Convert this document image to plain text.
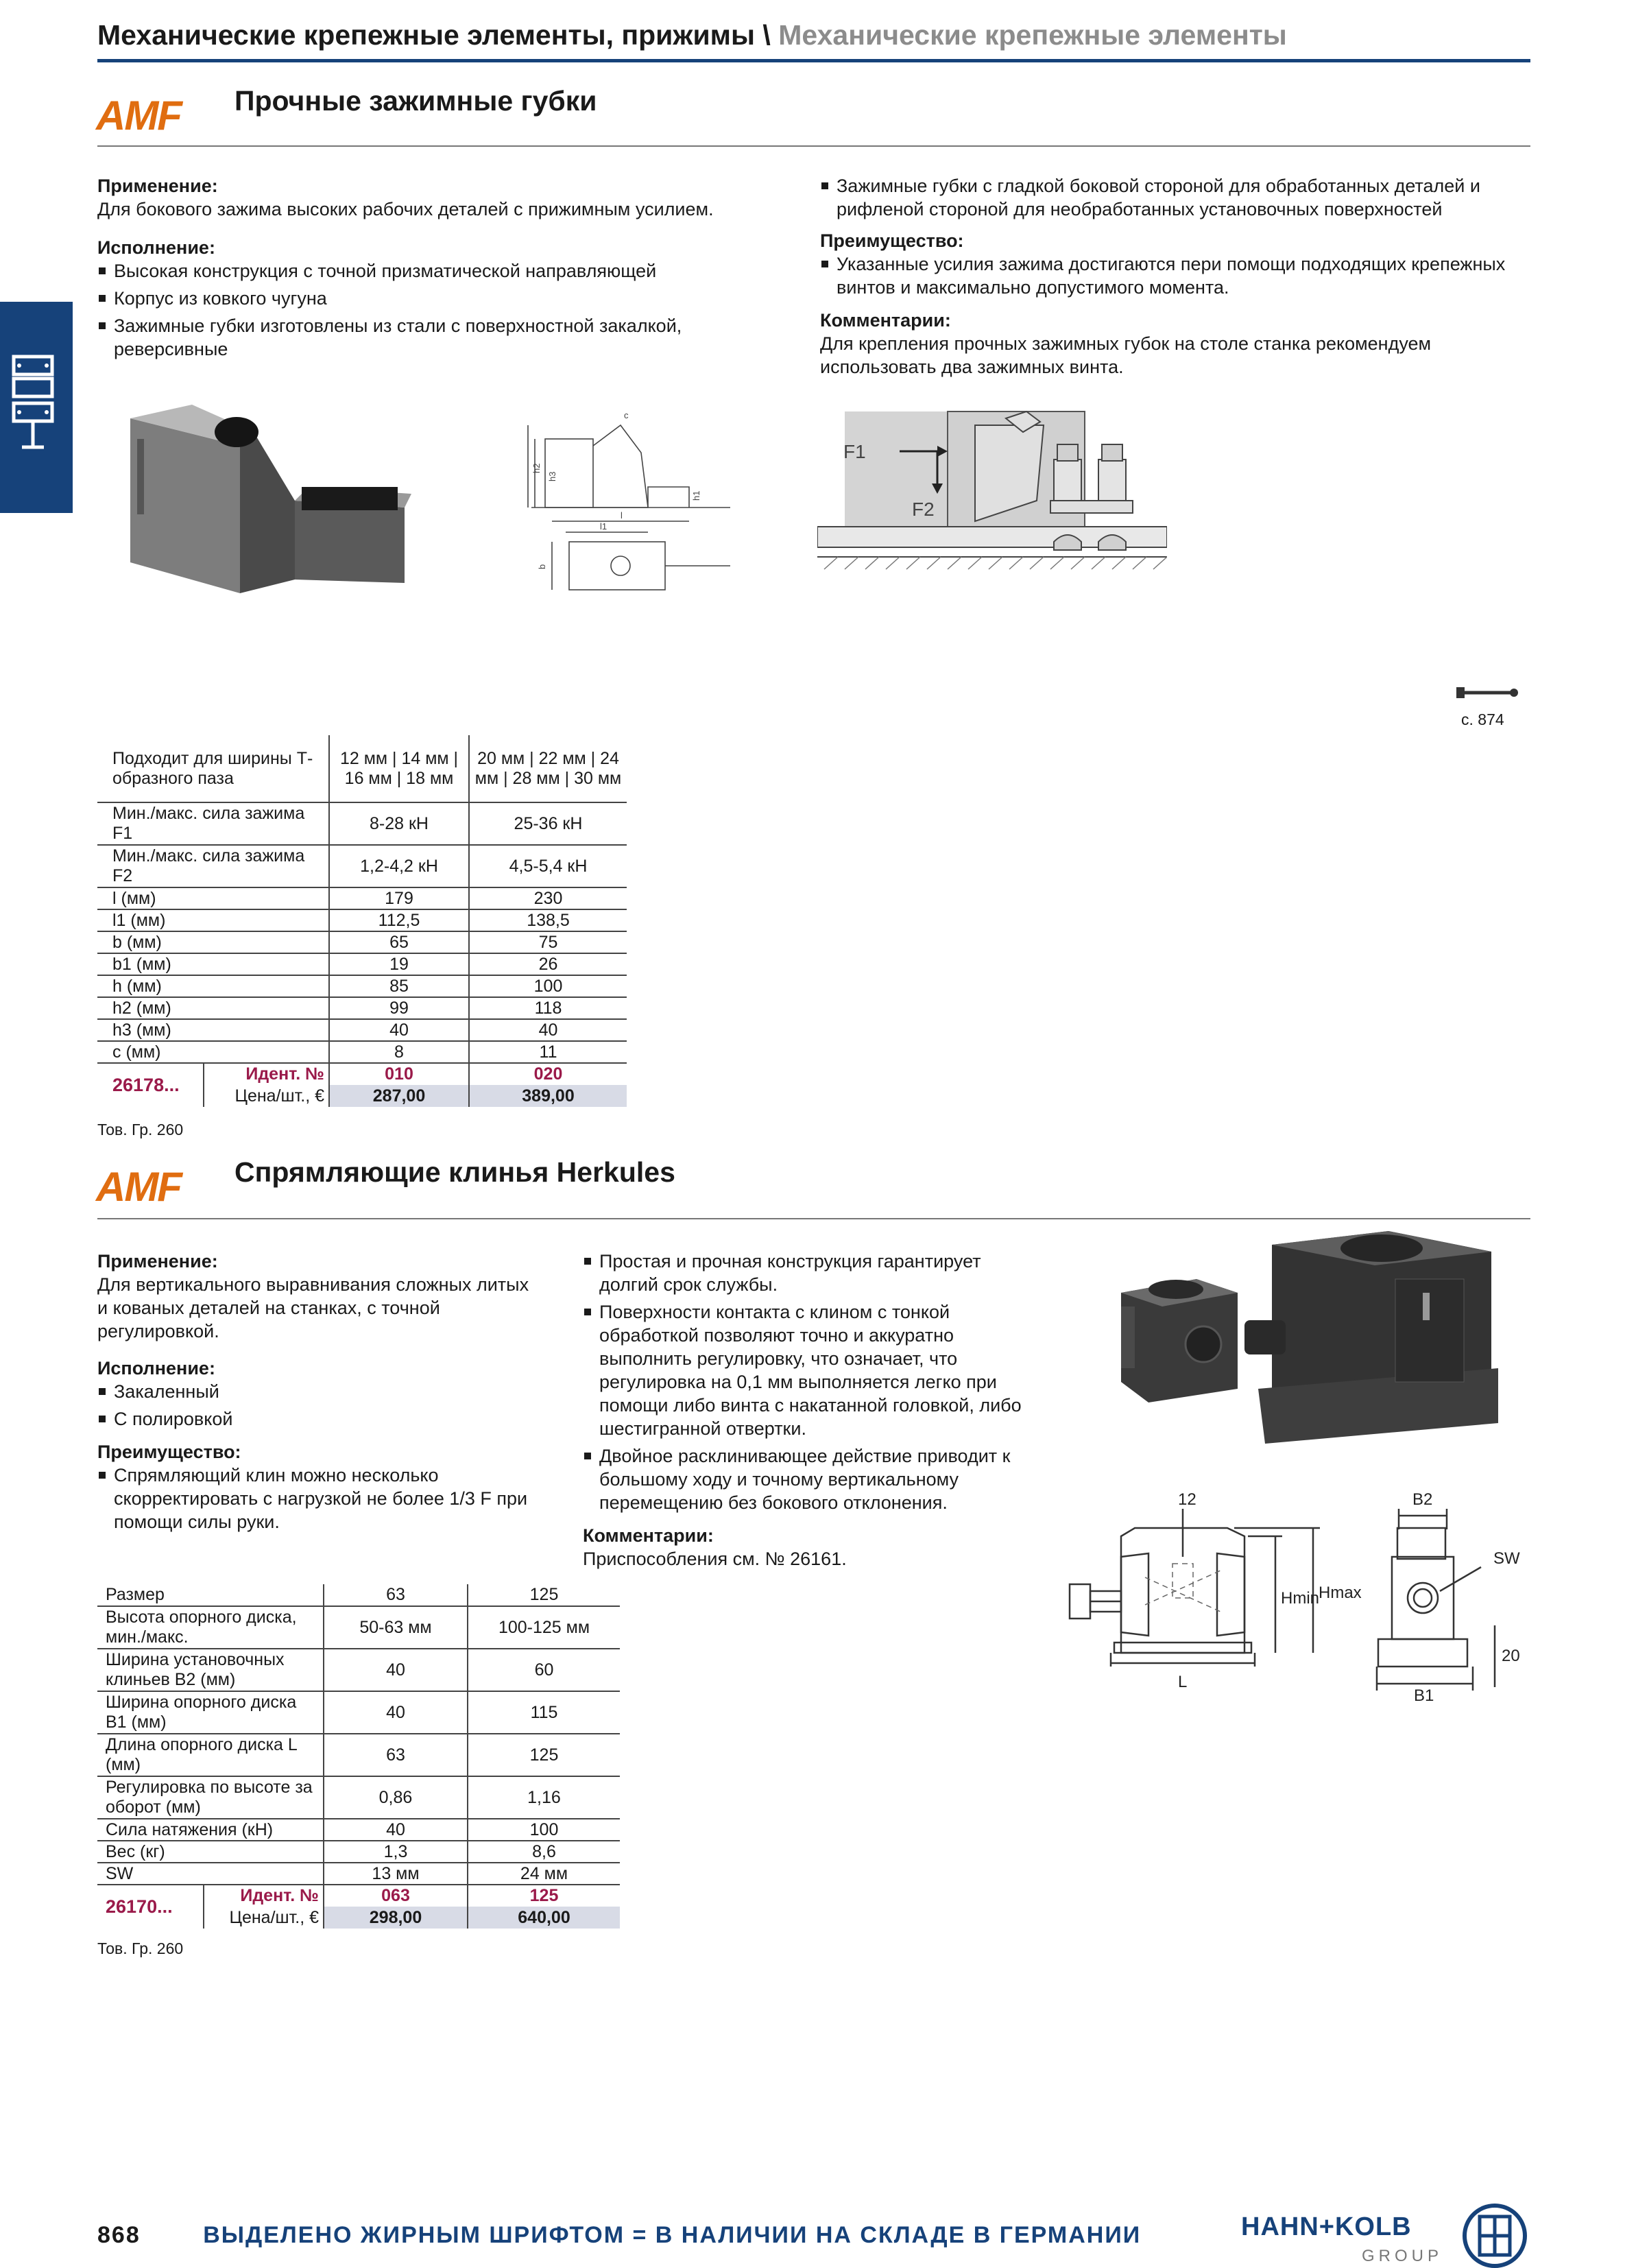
Механические крепежные элементы, прижимы \ Механические крепежные элементы
AMF Прочные зажимные губки

Применение:

Для бокового зажима высоких рабочих деталей с прижимным усилием.

Исполнение:

Высокая конструкция с точной призматической направляющей
Корпус из ковкого чугуна
Зажимные губки изготовлены из стали с поверхностной закалкой, реверсивные
Зажимные губки с гладкой боковой стороной для обработанных деталей и рифленой стороной для необработанных установочных поверхностей

Преимущество:

Указанные усилия зажима достигаются пери помощи подходящих крепежных винтов и максимально допустимого момента.

Комментарии:

Для крепления прочных зажимных губок на столе станка рекомендуем использовать два зажимных винта.

h2
h3
h1
l
l1
b
c
F1
F2
с. 874
Подходит для ширины Т-образного паза		12 мм | 14 мм | 16 мм | 18 мм	20 мм | 22 мм | 24 мм | 28 мм | 30 мм
Мин./макс. сила зажима F1		8-28 кН	25-36 кН
Мин./макс. сила зажима F2		1,2-4,2 кН	4,5-5,4 кН
l (мм)		179	230
l1 (мм)		112,5	138,5
b (мм)		65	75
b1 (мм)		19	26
h (мм)		85	100
h2 (мм)		99	118
h3 (мм)		40	40
c (мм)		8	11
26178...	Идент. №	010	020
	Цена/шт., €	287,00	389,00
Тов. Гр. 260
AMF Спрямляющие клинья Herkules

Применение:

Для вертикального выравнивания сложных литых и кованых деталей на станках, с точной регулировкой.

Исполнение:

Закаленный
С полировкой

Преимущество:

Спрямляющий клин можно несколько скорректировать с нагрузкой не более 1/3 F при помощи силы руки.
Простая и прочная конструкция гарантирует долгий срок службы.
Поверхности контакта с клином с тонкой обработкой позволяют точно и аккуратно выполнить регулировку, что означает, что регулировка на 0,1 мм выполняется легко при помощи либо винта с накатанной головкой, либо шестигранной отвертки.
Двойное расклинивающее действие приводит к большому ходу и точному вертикальному перемещению без бокового отклонения.

Комментарии:

Приспособления см. № 26161.

12
Hmin
Hmax
L
B2
SW
20
B1
Размер		63	125
Высота опорного диска, мин./макс.		50-63 мм	100-125 мм
Ширина установочных клиньев B2 (мм)		40	60
Ширина опорного диска B1 (мм)		40	115
Длина опорного диска L (мм)		63	125
Регулировка по высоте за оборот (мм)		0,86	1,16
Сила натяжения (кН)		40	100
Вес (кг)		1,3	8,6
SW		13 мм	24 мм
26170...	Идент. №	063	125
	Цена/шт., €	298,00	640,00
Тов. Гр. 260
868	ВЫДЕЛЕНО ЖИРНЫМ ШРИФТОМ = В НАЛИЧИИ НА СКЛАДЕ В ГЕРМАНИИ	HAHN+KOLB
GROUP
